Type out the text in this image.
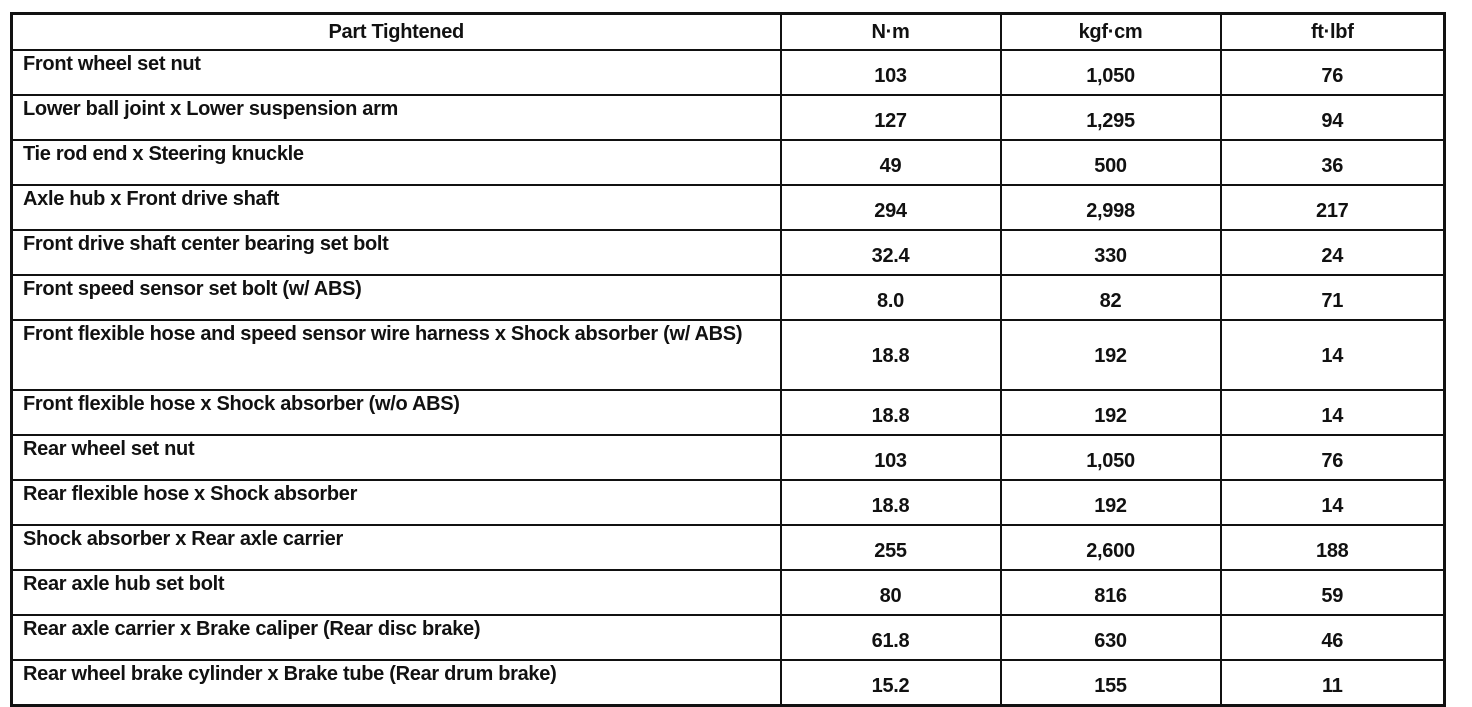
Part Tightened	N·m	kgf·cm	ft·lbf
Front wheel set nut	103	1,050	76
Lower ball joint x Lower suspension arm	127	1,295	94
Tie rod end x Steering knuckle	49	500	36
Axle hub x Front drive shaft	294	2,998	217
Front drive shaft center bearing set bolt	32.4	330	24
Front speed sensor set bolt (w/ ABS)	8.0	82	71
Front flexible hose and speed sensor wire harness x Shock absorber (w/ ABS)	18.8	192	14
Front flexible hose x Shock absorber (w/o ABS)	18.8	192	14
Rear wheel set nut	103	1,050	76
Rear flexible hose x Shock absorber	18.8	192	14
Shock absorber x Rear axle carrier	255	2,600	188
Rear axle hub set bolt	80	816	59
Rear axle carrier x Brake caliper (Rear disc brake)	61.8	630	46
Rear wheel brake cylinder x Brake tube (Rear drum brake)	15.2	155	11
